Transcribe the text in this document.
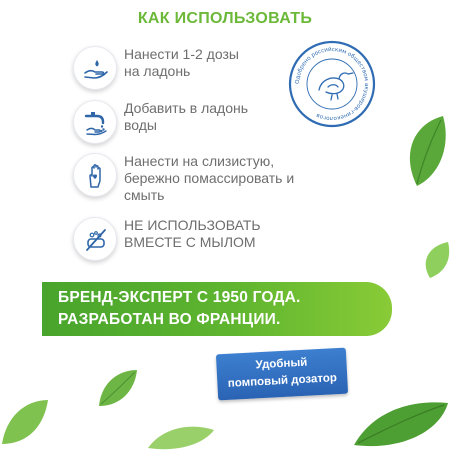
КАК ИСПОЛЬЗОВАТЬ
Нанести 1-2 дозы
на ладонь
Добавить в ладонь
воды
Нанести на слизистую,
бережно помассировать и
смыть
НЕ ИСПОЛЬЗОВАТЬ
ВМЕСТЕ С МЫЛОМ
Одобрено российским обществом акушеров-гинекологов
БРЕНД-ЭКСПЕРТ С 1950 ГОДА.
РАЗРАБОТАН ВО ФРАНЦИИ.
Удобный
помповый дозатор
